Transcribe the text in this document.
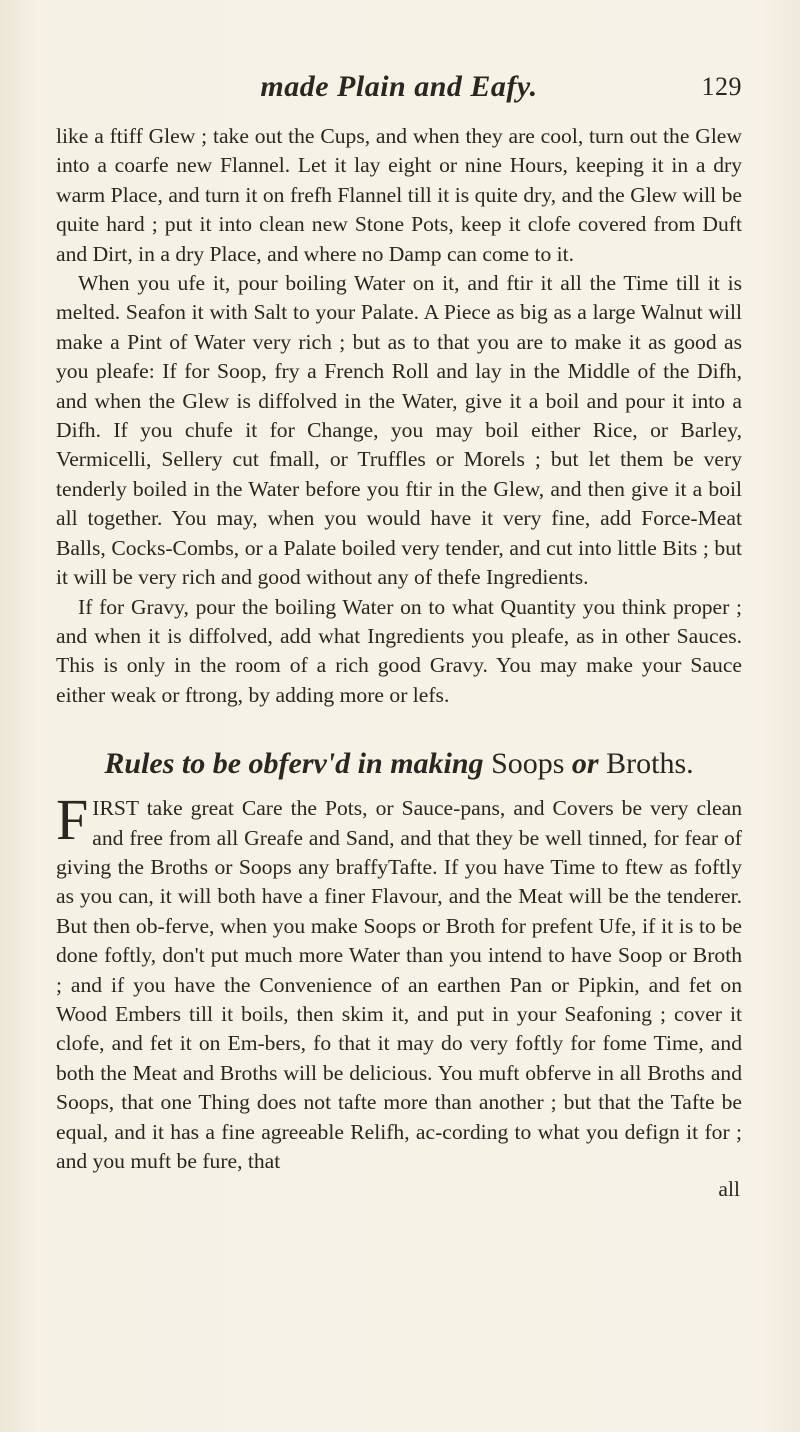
made Plain and Eafy.	129

like a ftiff Glew ; take out the Cups, and when they are cool, turn out the Glew into a coarfe new Flannel. Let it lay eight or nine Hours, keeping it in a dry warm Place, and turn it on frefh Flannel till it is quite dry, and the Glew will be quite hard ; put it into clean new Stone Pots, keep it clofe covered from Duft and Dirt, in a dry Place, and where no Damp can come to it.

When you ufe it, pour boiling Water on it, and ftir it all the Time till it is melted. Seafon it with Salt to your Palate. A Piece as big as a large Walnut will make a Pint of Water very rich ; but as to that you are to make it as good as you pleafe: If for Soop, fry a French Roll and lay in the Middle of the Difh, and when the Glew is diffolved in the Water, give it a boil and pour it into a Difh. If you chufe it for Change, you may boil either Rice, or Barley, Vermicelli, Sellery cut fmall, or Truffles or Morels ; but let them be very tenderly boiled in the Water before you ftir in the Glew, and then give it a boil all together. You may, when you would have it very fine, add Force-Meat Balls, Cocks-Combs, or a Palate boiled very tender, and cut into little Bits ; but it will be very rich and good without any of thefe Ingredients.

If for Gravy, pour the boiling Water on to what Quantity you think proper ; and when it is diffolved, add what Ingredients you pleafe, as in other Sauces. This is only in the room of a rich good Gravy. You may make your Sauce either weak or ftrong, by adding more or lefs.

Rules to be obferv'd in making Soops or Broths.

FIRST take great Care the Pots, or Sauce-pans, and Covers be very clean and free from all Greafe and Sand, and that they be well tinned, for fear of giving the Broths or Soops any braffyTafte. If you have Time to ftew as foftly as you can, it will both have a finer Flavour, and the Meat will be the tenderer. But then ob-ferve, when you make Soops or Broth for prefent Ufe, if it is to be done foftly, don't put much more Water than you intend to have Soop or Broth ; and if you have the Convenience of an earthen Pan or Pipkin, and fet on Wood Embers till it boils, then skim it, and put in your Seafoning ; cover it clofe, and fet it on Em-bers, fo that it may do very foftly for fome Time, and both the Meat and Broths will be delicious. You muft obferve in all Broths and Soops, that one Thing does not tafte more than another ; but that the Tafte be equal, and it has a fine agreeable Relifh, ac-cording to what you defign it for ; and you muft be fure, that

all
